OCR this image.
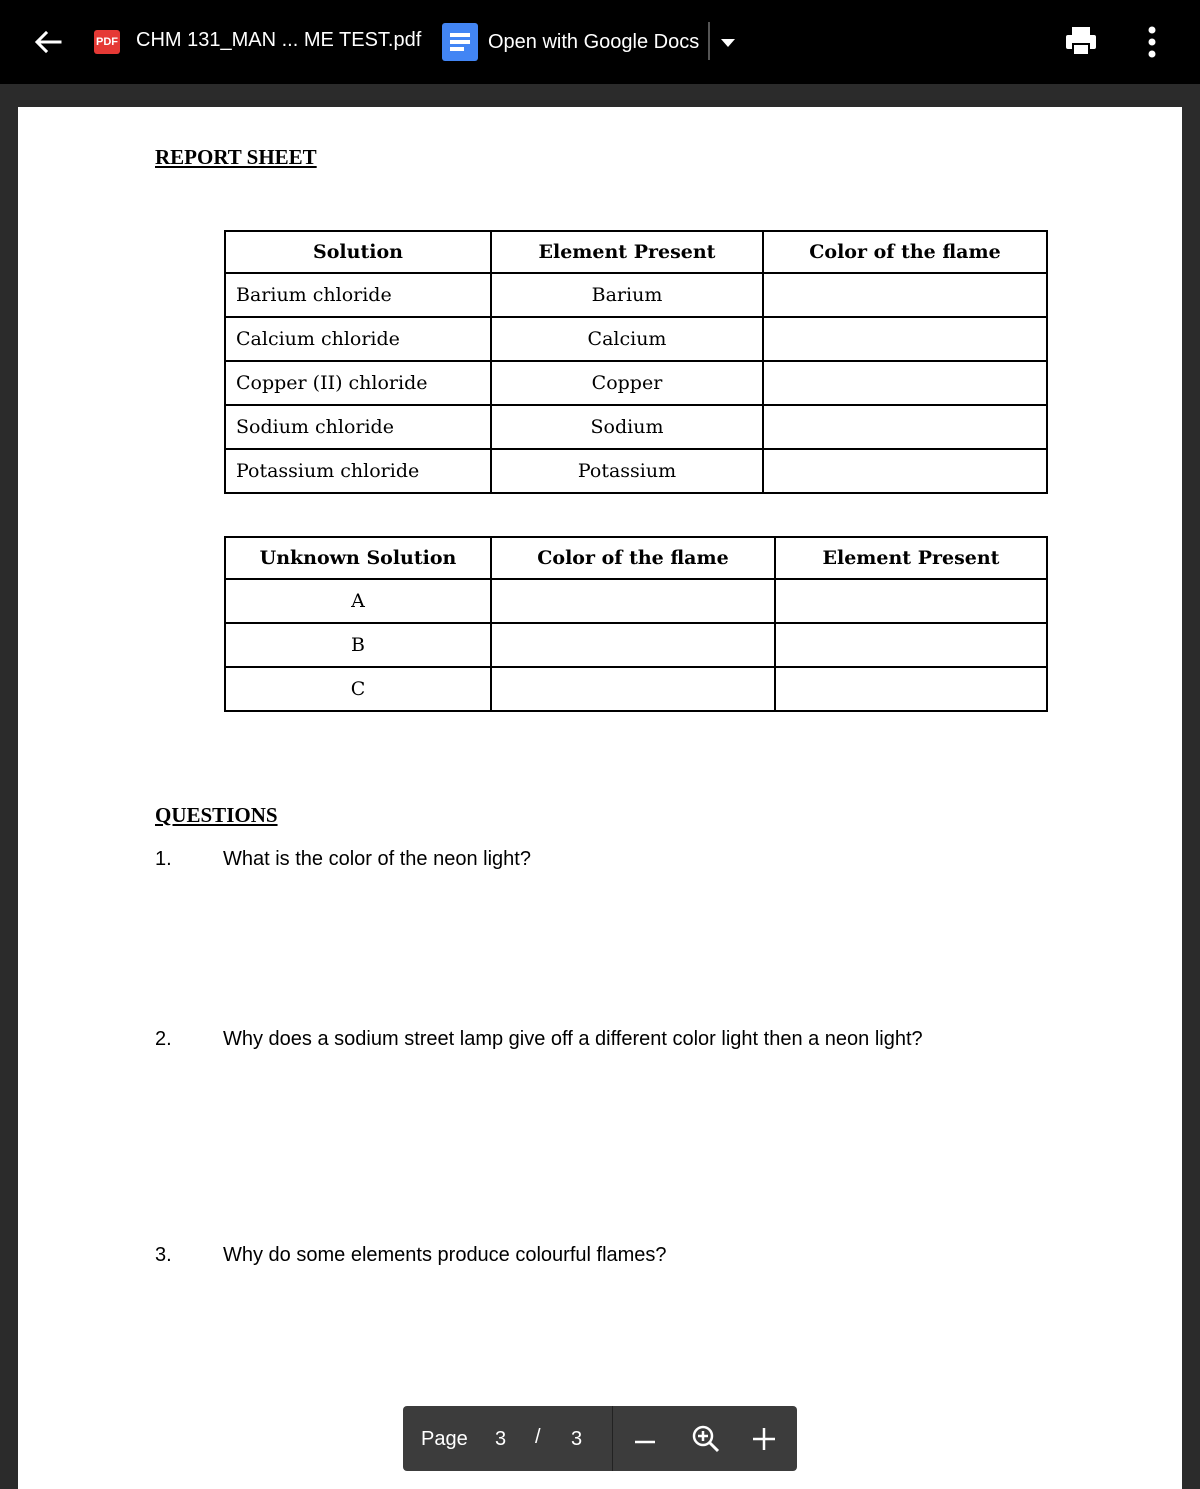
PDF CHM 131_MAN ... ME TEST.pdf	Open with Google Docs
REPORT SHEET
Solution	Element Present	Color of the flame
Barium chloride	Barium	
Calcium chloride	Calcium	
Copper (II) chloride	Copper	
Sodium chloride	Sodium	
Potassium chloride	Potassium	
Unknown Solution	Color of the flame	Element Present
A		
B		
C		
QUESTIONS
1.	What is the color of the neon light?
2.	Why does a sodium street lamp give off a different color light then a neon light?
3.	Why do some elements produce colourful flames?
Page 3 / 3
